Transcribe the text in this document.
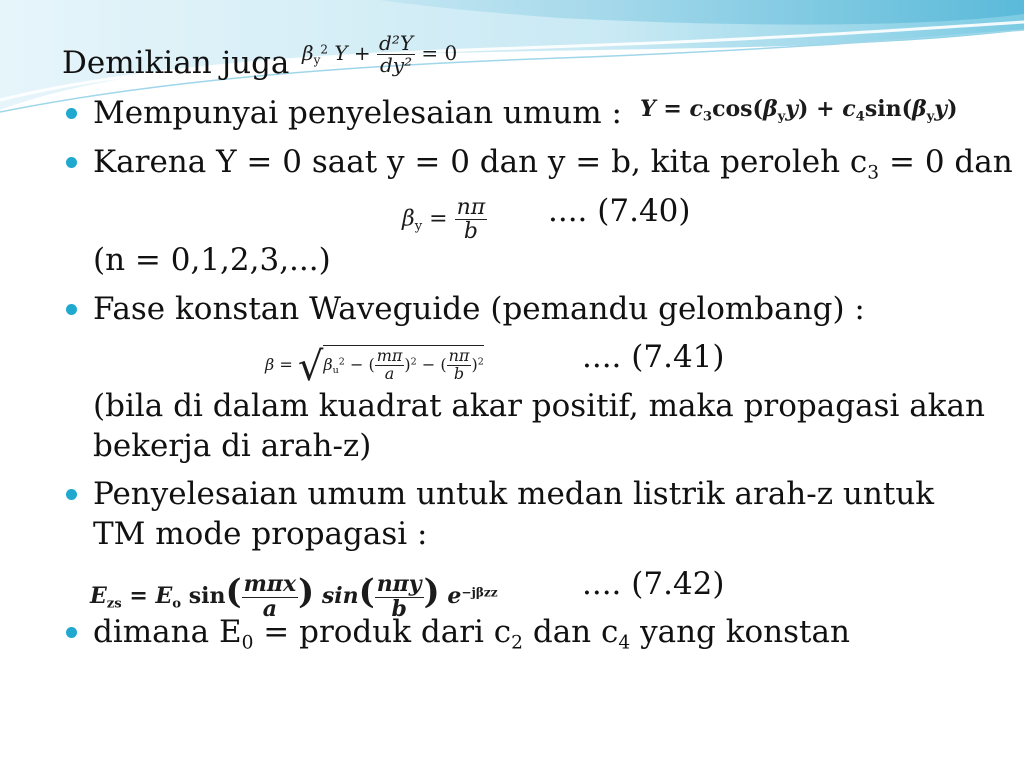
Demikian juga $\beta_y^2$ $Y + \frac{\text{d²Y}}{\text{dy²}} = 0$
Mempunyai penyelesaian umum : $Y = c_3\cos(\beta_yy) + c_4\sin(\beta_yy)$
Karena Y = 0 saat y = 0 dan y = b, kita peroleh $c_3 = 0$ dan
$\beta_y = \frac{n\pi}{b}$ .... (7.40)
(n = 0,1,2,3,...)
Fase konstan Waveguide (pemandu gelombang) :
$\beta = √\beta_u^2$ − ( $\frac{m\pi}{a} )^2$ − ( $\frac{n\pi}{b} )^2$	.... (7.41)
(bila di dalam kuadrat akar positif, maka propagasi akan
bekerja di arah-z)
Penyelesaian umum untuk medan listrik arah-z untuk
TM mode propagasi :
$E_{zs} = E_o$ $\sin( \frac{\text{mπx}}{a}$ ) $\sin( \frac{\text{nπy}}{b}$ ) $e^{-j\beta zz}$	.... (7.42)
dimana $E_0$ = produk dari $c_2$ dan $c_4$ yang konstan
